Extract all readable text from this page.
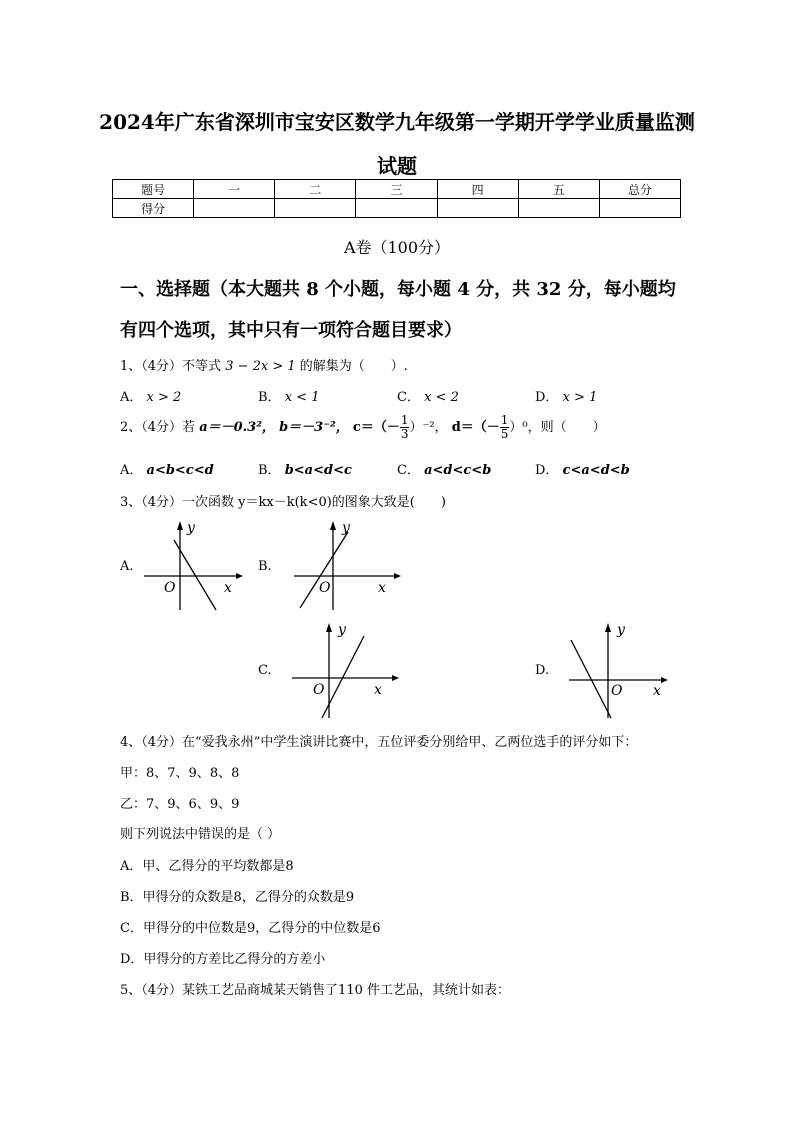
2024年广东省深圳市宝安区数学九年级第一学期开学学业质量监测
试题
题号	一	二	三	四	五	总分
得分						
A卷（100分）
一、选择题（本大题共 8 个小题，每小题 4 分，共 32 分，每小题均
有四个选项，其中只有一项符合题目要求）
1、（4分）不等式 3 − 2x > 1 的解集为（　　）.
A． x > 2	B． x < 1	C． x < 2	D． x > 1
2、（4分）若 a＝－0.3²， b＝－3⁻²， $c=(- \frac{1}{3} )^{-2}$， $d=(- \frac{1}{5} )^0$，则（　　）
A． a<b<c<d	B． b<a<d<c	C． a<d<c<b	D． c<a<d<b
3、（4分）一次函数 y＝kx－k(k<0)的图象大致是(　　)
A.
y
O	x
B.
y
O	x
C.
y
O	x
D.
y
O x
4、（4分）在“爱我永州”中学生演讲比赛中，五位评委分别给甲、乙两位选手的评分如下：
甲：8、7、9、8、8
乙：7、9、6、9、9
则下列说法中错误的是（ ）
A．甲、乙得分的平均数都是8
B．甲得分的众数是8，乙得分的众数是9
C．甲得分的中位数是9，乙得分的中位数是6
D．甲得分的方差比乙得分的方差小
5、（4分）某铁工艺品商城某天销售了110 件工艺品，其统计如表：
